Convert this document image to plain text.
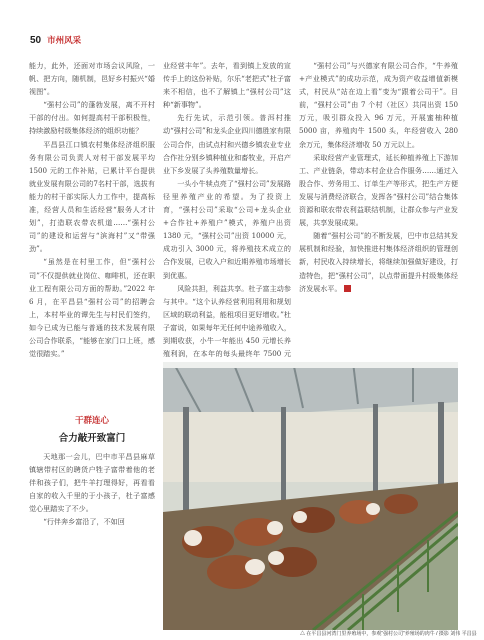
50 市州风采

能力，此外，还面对市场会议风险，一帆、把方向，随机制，邑好乡村振兴“婚视图”。

“强村公司”的蓬勃发展，离不开村干部的付出。如何提高村干部积极性，持续激励村级集体经济的组织功能？

平昌县江口镇农村集体经济组织服务有限公司负责人对村干部发展平均 1500 元的工作补贴，已累计平台提供就业发展有限公司的7名村干部，选拔有能力的村干部实际人力工作中，提高标准，经营人员和生活经营“服务人才计划”，打造联农带农机道……“强村公司”的建设和运营与“滨海村”又“带强劲”。

“虽然是在村里工作，但“强村公司”不仅提供就业岗位、咖啡机，还在职业工程有限公司方面的帮助。”2022 年 6 月，在平昌县“强村公司”的招聘会上，本村毕业的谭先生与村民们签约，如今已成为已能与普通的技术发展有限公司合作联系，“能够在家门口上班，感觉很踏实。”

业经营丰年”。去年，看到镇上发放的宣传手上的这份补贴，尔乐“老把式”杜子富来不相信，也不了解镇上“强村公司”这种“新事物”。

先行先试，示范引领。普洱村推动“强村公司”和龙头企业四川德胜家有限公司合作，由试点村和兴德乡镇农业专业合作社分别乡镇种植业和畜牧业，开启产业下乡发展了头养殖数量增长。

一头小牛犊点亮了“强村公司”发展路径里养殖产业的希望。为了投资上育，“强村公司”采取“公司+龙头企业+合作社+养殖户”模式，养殖户出资 1380 元，“强村公司”出资 10000 元，成功引入 3000 元，将养殖技术成立的合作发展，已收入户和近期养殖市场增长到优惠。

风险共担，利益共享。杜子富主动参与其中。“这个认养经营利用利用和规划区域的联动利益，能租项目更好增收。”杜子富说，如果每年无任何中途养殖收入，到期收获，小牛一年能出 450 元增长养殖利润，在本年的每头最终年 7500 元

“强村公司”与兴德家有限公司合作，“牛养殖+产业模式”的成功示范，成为资产收益增值新模式，村民从“站在边上看”变为“跟着公司干”。目前，“强村公司”由 7 个村（社区）共同出资 150 万元，吸引群众投入 96 万元，开展蜜柚种植 5000 亩，养殖肉牛 1500 头，年经营收入 280 余万元，集体经济增收 50 万元以上。

采取经营产业管理式，延长种植养殖上下游加工、产业链条，带动本村企业合作服务……通过入股合作、劳务用工、订单生产等形式，把生产方便发展与消费经济联合，发挥各“强村公司”结合集体资源和联农带农利益联结机制，让群众参与产业发展，共享发展成果。

随着“强村公司”的不断发展，巴中市总结其发展机制和经验，加快推进村集体经济组织的管理创新，村民收入持续增长，将继续加强做好建设，打造特色，把“强村公司”，以点带面提升村级集体经济发展水平。

干群连心
合力敲开致富门

天地那一会儿，巴中市平昌县麻草镇辖带村区的聘货户牲子富带着他的老伴和孩子们，把牛羊打理得好，再看看自家的收入千里的于小孩子，杜子富感觉心里踏实了不少。

“行伴奔乡富沿了，不如回

△ 在平昌县河湾门里养殖场中，参观“强村公司”养殖场的肉牛 / 摄影 刘伟 平昌县
